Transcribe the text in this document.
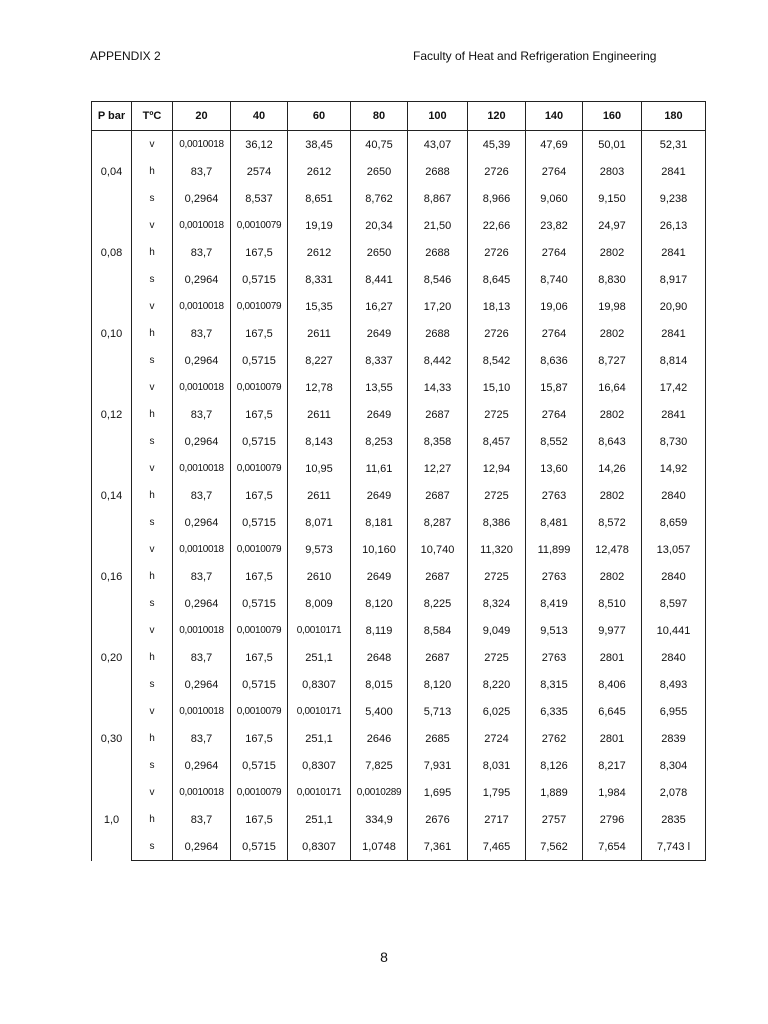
APPENDIX 2	Faculty of Heat and Refrigeration Engineering
P bar	TºC	20	40	60	80	100	120	140	160	180
0,04	v	0,0010018	36,12	38,45	40,75	43,07	45,39	47,69	50,01	52,31
	h	83,7	2574	2612	2650	2688	2726	2764	2803	2841
	s	0,2964	8,537	8,651	8,762	8,867	8,966	9,060	9,150	9,238
0,08	v	0,0010018	0,0010079	19,19	20,34	21,50	22,66	23,82	24,97	26,13
	h	83,7	167,5	2612	2650	2688	2726	2764	2802	2841
	s	0,2964	0,5715	8,331	8,441	8,546	8,645	8,740	8,830	8,917
0,10	v	0,0010018	0,0010079	15,35	16,27	17,20	18,13	19,06	19,98	20,90
	h	83,7	167,5	2611	2649	2688	2726	2764	2802	2841
	s	0,2964	0,5715	8,227	8,337	8,442	8,542	8,636	8,727	8,814
0,12	v	0,0010018	0,0010079	12,78	13,55	14,33	15,10	15,87	16,64	17,42
	h	83,7	167,5	2611	2649	2687	2725	2764	2802	2841
	s	0,2964	0,5715	8,143	8,253	8,358	8,457	8,552	8,643	8,730
0,14	v	0,0010018	0,0010079	10,95	11,61	12,27	12,94	13,60	14,26	14,92
	h	83,7	167,5	2611	2649	2687	2725	2763	2802	2840
	s	0,2964	0,5715	8,071	8,181	8,287	8,386	8,481	8,572	8,659
0,16	v	0,0010018	0,0010079	9,573	10,160	10,740	11,320	11,899	12,478	13,057
	h	83,7	167,5	2610	2649	2687	2725	2763	2802	2840
	s	0,2964	0,5715	8,009	8,120	8,225	8,324	8,419	8,510	8,597
0,20	v	0,0010018	0,0010079	0,0010171	8,119	8,584	9,049	9,513	9,977	10,441
	h	83,7	167,5	251,1	2648	2687	2725	2763	2801	2840
	s	0,2964	0,5715	0,8307	8,015	8,120	8,220	8,315	8,406	8,493
0,30	v	0,0010018	0,0010079	0,0010171	5,400	5,713	6,025	6,335	6,645	6,955
	h	83,7	167,5	251,1	2646	2685	2724	2762	2801	2839
	s	0,2964	0,5715	0,8307	7,825	7,931	8,031	8,126	8,217	8,304
1,0	v	0,0010018	0,0010079	0,0010171	0,0010289	1,695	1,795	1,889	1,984	2,078
	h	83,7	167,5	251,1	334,9	2676	2717	2757	2796	2835
	s	0,2964	0,5715	0,8307	1,0748	7,361	7,465	7,562	7,654	7,743 l
8
